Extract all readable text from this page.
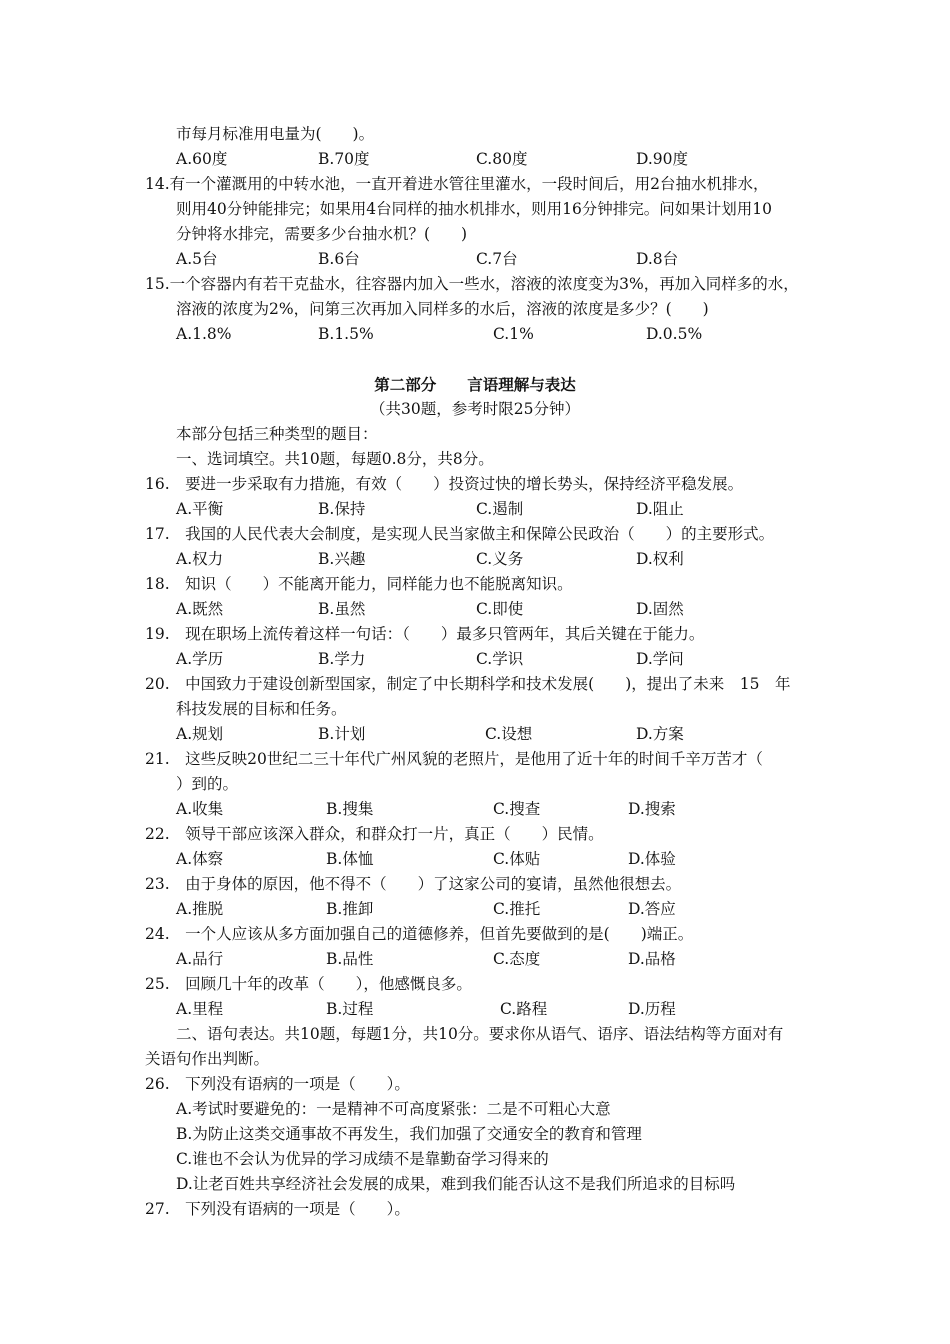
市每月标准用电量为(　　)。
A.60度	B.70度	C.80度	D.90度
14.有一个灌溉用的中转水池，一直开着进水管往里灌水，一段时间后，用2台抽水机排水，
则用40分钟能排完；如果用4台同样的抽水机排水，则用16分钟排完。问如果计划用10
分钟将水排完，需要多少台抽水机？(　　)
A.5台	B.6台	C.7台	D.8台
15.一个容器内有若干克盐水，往容器内加入一些水，溶液的浓度变为3%，再加入同样多的水，
溶液的浓度为2%，问第三次再加入同样多的水后，溶液的浓度是多少？(　　)
A.1.8%	B.1.5%	C.1%	D.0.5%
第二部分　　言语理解与表达
（共30题，参考时限25分钟）
本部分包括三种类型的题目：
一、选词填空。共10题，每题0.8分，共8分。
16.　要进一步采取有力措施，有效（　　）投资过快的增长势头，保持经济平稳发展。
A.平衡	B.保持	C.遏制	D.阻止
17.　我国的人民代表大会制度，是实现人民当家做主和保障公民政治（　　）的主要形式。
A.权力	B.兴趣	C.义务	D.权利
18.　知识（　　）不能离开能力，同样能力也不能脱离知识。
A.既然	B.虽然	C.即使	D.固然
19.　现在职场上流传着这样一句话：（　　）最多只管两年，其后关键在于能力。
A.学历	B.学力	C.学识	D.学问
20.　中国致力于建设创新型国家，制定了中长期科学和技术发展(　　)，提出了未来　15　年
科技发展的目标和任务。
A.规划	B.计划	C.设想	D.方案
21.　这些反映20世纪二三十年代广州风貌的老照片，是他用了近十年的时间千辛万苦才（
）到的。
A.收集	B.搜集	C.搜查	D.搜索
22.　领导干部应该深入群众，和群众打一片，真正（　　）民情。
A.体察	B.体恤	C.体贴	D.体验
23.　由于身体的原因，他不得不（　　）了这家公司的宴请，虽然他很想去。
A.推脱	B.推卸	C.推托	D.答应
24.　一个人应该从多方面加强自己的道德修养，但首先要做到的是(　　)端正。
A.品行	B.品性	C.态度	D.品格
25.　回顾几十年的改革（　　），他感慨良多。
A.里程	B.过程	C.路程	D.历程
二、语句表达。共10题，每题1分，共10分。要求你从语气、语序、语法结构等方面对有
关语句作出判断。
26.　下列没有语病的一项是（　　）。
A.考试时要避免的：一是精神不可高度紧张：二是不可粗心大意
B.为防止这类交通事故不再发生，我们加强了交通安全的教育和管理
C.谁也不会认为优异的学习成绩不是靠勤奋学习得来的
D.让老百姓共享经济社会发展的成果，难到我们能否认这不是我们所追求的目标吗
27.　下列没有语病的一项是（　　）。
